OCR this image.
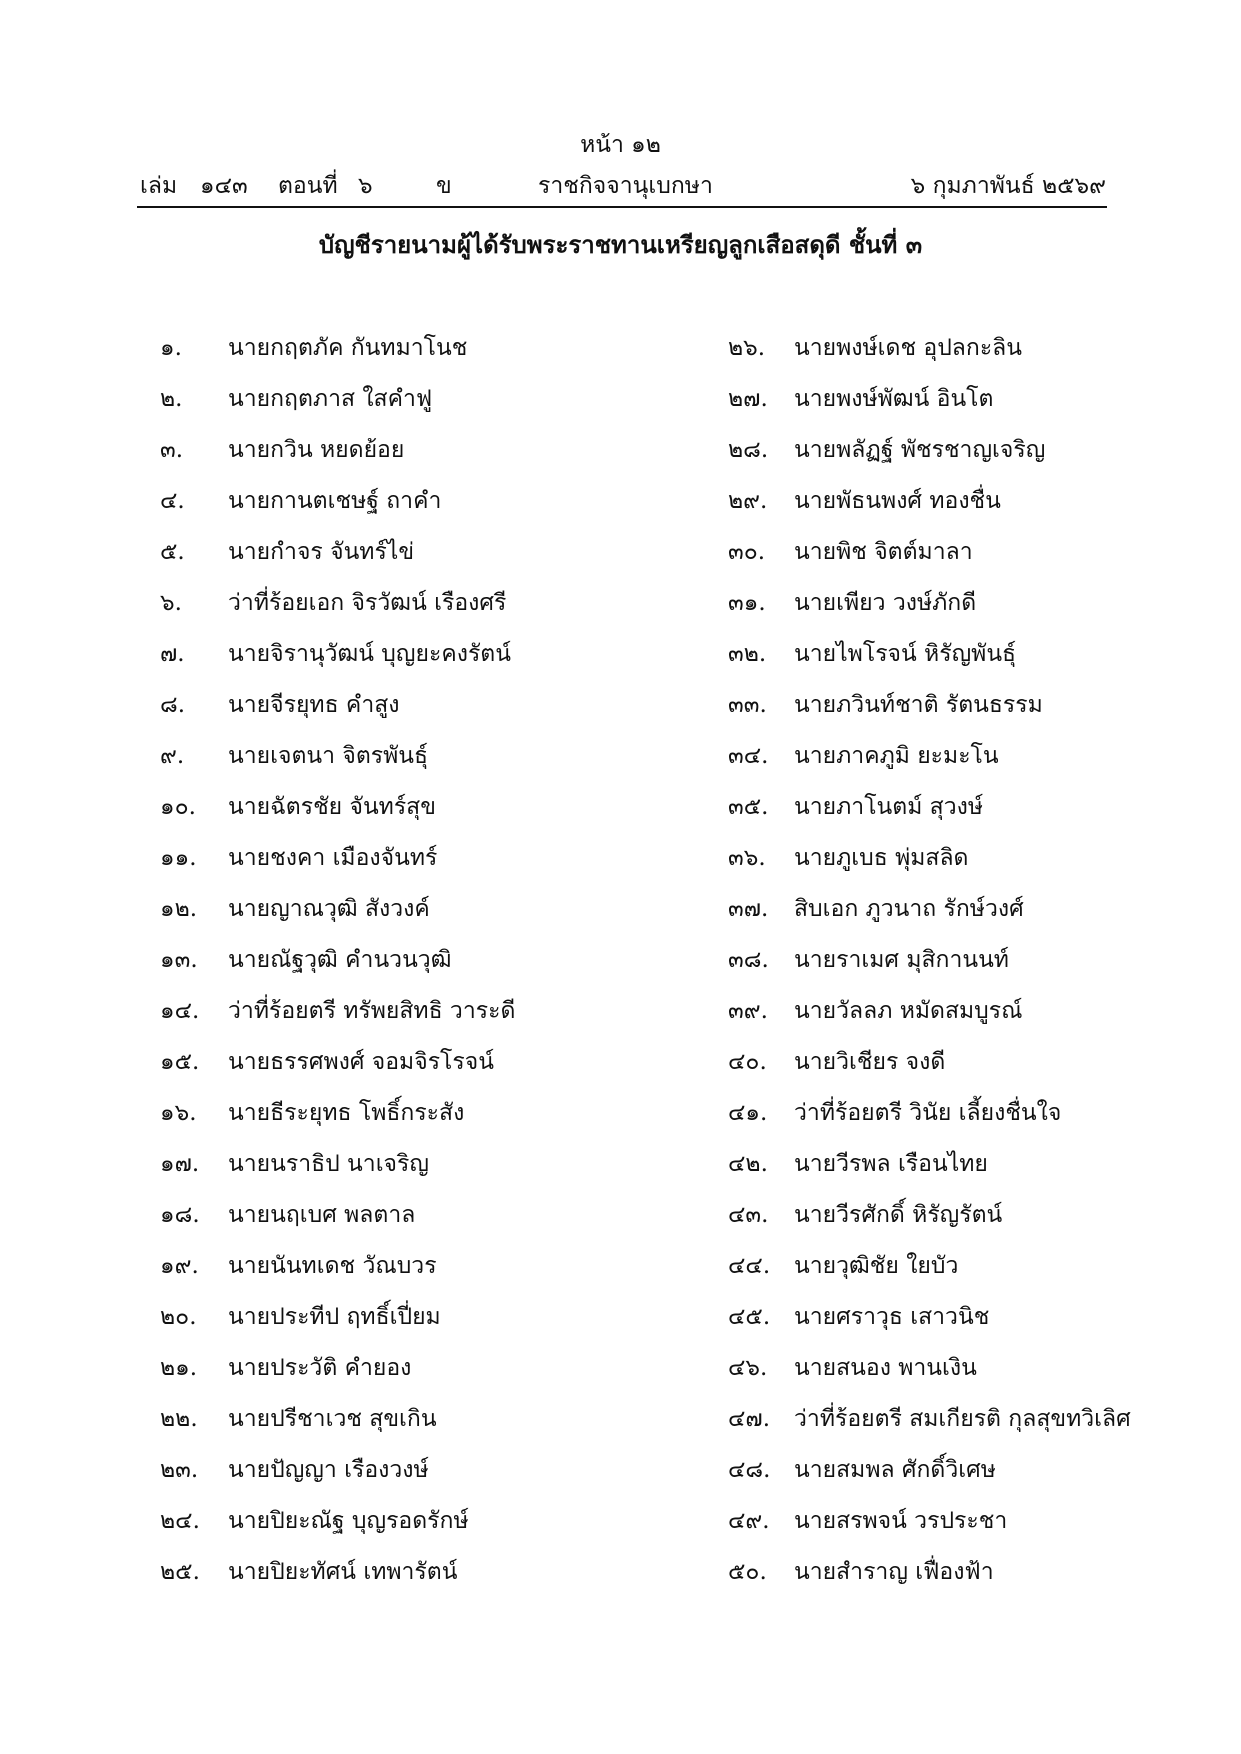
หน้า ๑๒
เล่ม ๑๔๓ ตอนที่ ๖	ข	ราชกิจจานุเบกษา	๖ กุมภาพันธ์ ๒๕๖๙
บัญชีรายนามผู้ได้รับพระราชทานเหรียญลูกเสือสดุดี ชั้นที่ ๓
๑. นายกฤตภัค กันทมาโนช
๒. นายกฤตภาส ใสคำฟู
๓. นายกวิน หยดย้อย
๔. นายกานตเชษฐ์ ถาคำ
๕. นายกำจร จันทร์ไข่
๖. ว่าที่ร้อยเอก จิรวัฒน์ เรืองศรี
๗. นายจิรานุวัฒน์ บุญยะคงรัตน์
๘. นายจีรยุทธ คำสูง
๙. นายเจตนา จิตรพันธุ์
๑๐. นายฉัตรชัย จันทร์สุข
๑๑. นายชงคา เมืองจันทร์
๑๒. นายญาณวุฒิ สังวงค์
๑๓. นายณัฐวุฒิ คำนวนวุฒิ
๑๔. ว่าที่ร้อยตรี ทรัพยสิทธิ วาระดี
๑๕. นายธรรศพงศ์ จอมจิรโรจน์
๑๖. นายธีระยุทธ โพธิ์กระสัง
๑๗. นายนราธิป นาเจริญ
๑๘. นายนฤเบศ พลตาล
๑๙. นายนันทเดช วัณบวร
๒๐. นายประทีป ฤทธิ์เปี่ยม
๒๑. นายประวัติ คำยอง
๒๒. นายปรีชาเวช สุขเกิน
๒๓. นายปัญญา เรืองวงษ์
๒๔. นายปิยะณัฐ บุญรอดรักษ์
๒๕. นายปิยะทัศน์ เทพารัตน์
๒๖. นายพงษ์เดช อุปลกะลิน
๒๗. นายพงษ์พัฒน์ อินโต
๒๘. นายพลัฏฐ์ พัชรชาญเจริญ
๒๙. นายพัธนพงศ์ ทองชื่น
๓๐. นายพิช จิตต์มาลา
๓๑. นายเพียว วงษ์ภักดี
๓๒. นายไพโรจน์ หิรัญพันธุ์
๓๓. นายภวินท์ชาติ รัตนธรรม
๓๔. นายภาคภูมิ ยะมะโน
๓๕. นายภาโนตม์ สุวงษ์
๓๖. นายภูเบธ พุ่มสลิด
๓๗. สิบเอก ภูวนาถ รักษ์วงศ์
๓๘. นายราเมศ มุสิกานนท์
๓๙. นายวัลลภ หมัดสมบูรณ์
๔๐. นายวิเชียร จงดี
๔๑. ว่าที่ร้อยตรี วินัย เลี้ยงชื่นใจ
๔๒. นายวีรพล เรือนไทย
๔๓. นายวีรศักดิ์ หิรัญรัตน์
๔๔. นายวุฒิชัย ใยบัว
๔๕. นายศราวุธ เสาวนิช
๔๖. นายสนอง พานเงิน
๔๗. ว่าที่ร้อยตรี สมเกียรติ กุลสุขทวิเลิศ
๔๘. นายสมพล ศักดิ์วิเศษ
๔๙. นายสรพจน์ วรประชา
๕๐. นายสำราญ เฟื่องฟ้า
